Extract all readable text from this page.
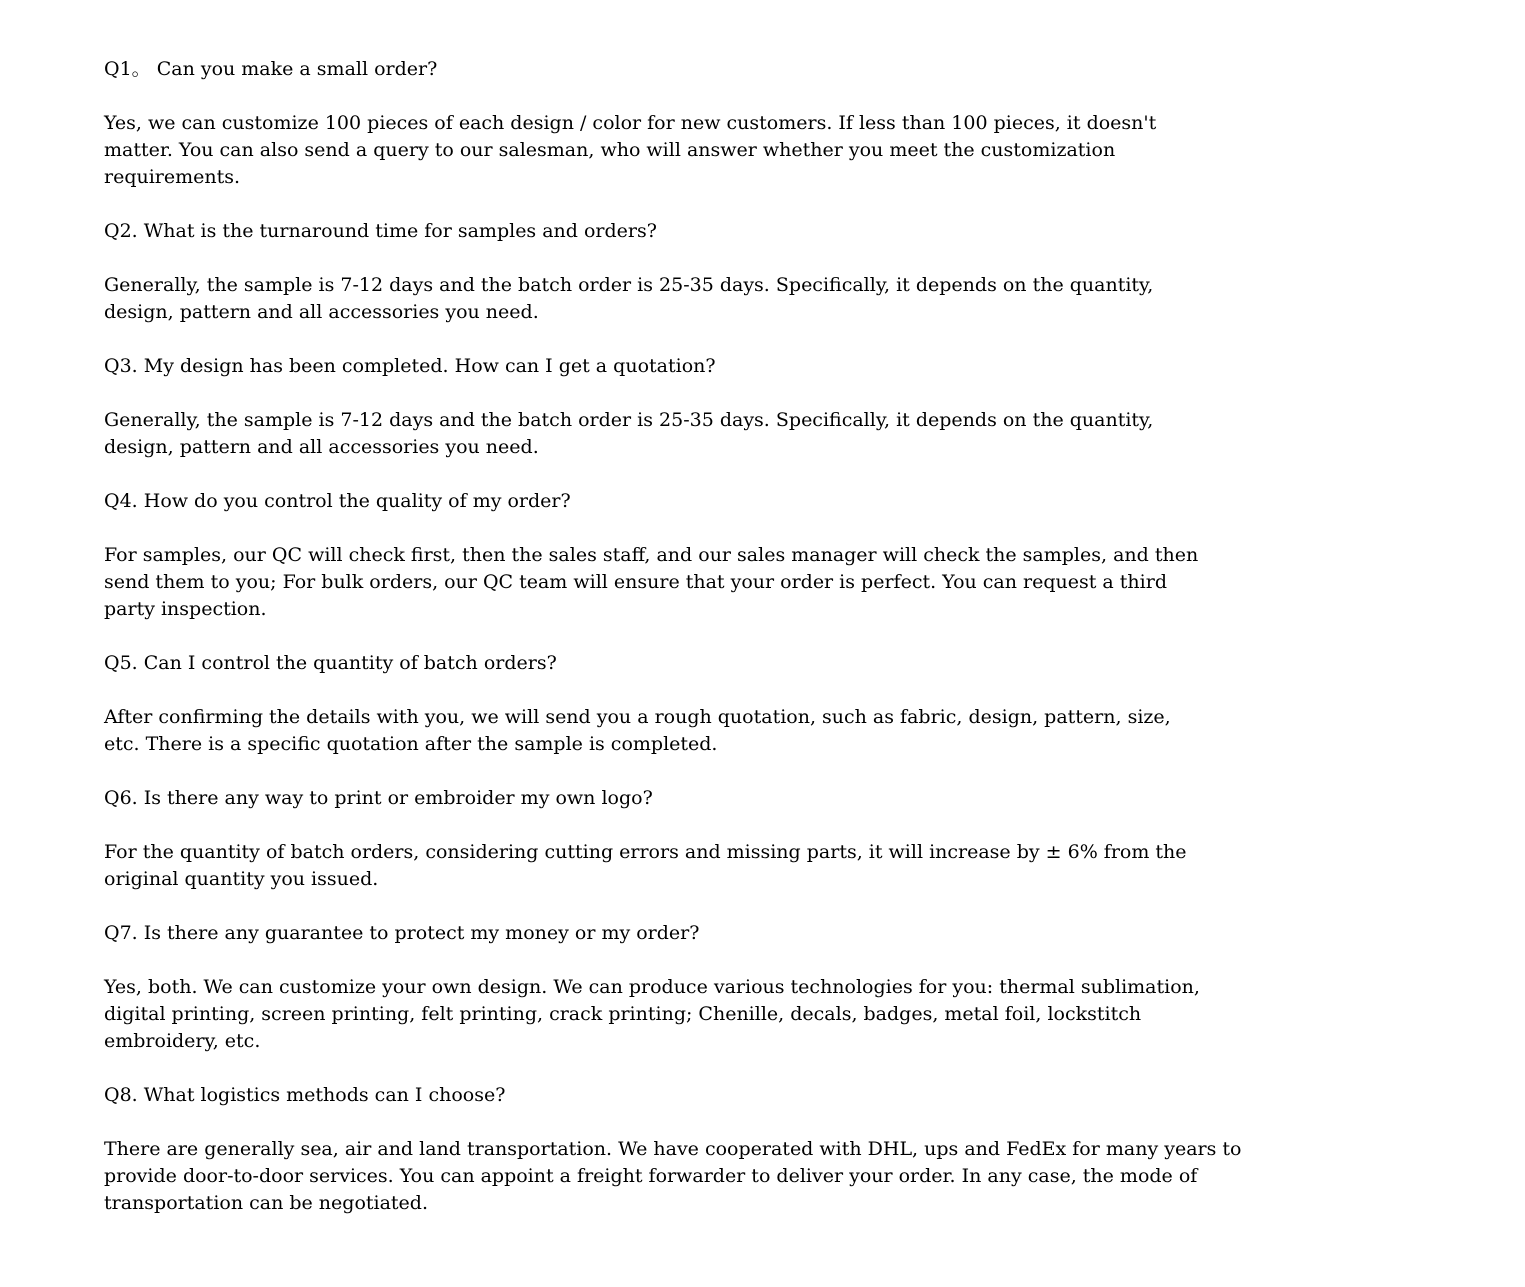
Q1。 Can you make a small order?

Yes, we can customize 100 pieces of each design / color for new customers. If less than 100 pieces, it doesn't
matter. You can also send a query to our salesman, who will answer whether you meet the customization
requirements.

Q2. What is the turnaround time for samples and orders?

Generally, the sample is 7-12 days and the batch order is 25-35 days. Specifically, it depends on the quantity,
design, pattern and all accessories you need.

Q3. My design has been completed. How can I get a quotation?

Generally, the sample is 7-12 days and the batch order is 25-35 days. Specifically, it depends on the quantity,
design, pattern and all accessories you need.

Q4. How do you control the quality of my order?

For samples, our QC will check first, then the sales staff, and our sales manager will check the samples, and then
send them to you; For bulk orders, our QC team will ensure that your order is perfect. You can request a third
party inspection.

Q5. Can I control the quantity of batch orders?

After confirming the details with you, we will send you a rough quotation, such as fabric, design, pattern, size,
etc. There is a specific quotation after the sample is completed.

Q6. Is there any way to print or embroider my own logo?

For the quantity of batch orders, considering cutting errors and missing parts, it will increase by ± 6% from the
original quantity you issued.

Q7. Is there any guarantee to protect my money or my order?

Yes, both. We can customize your own design. We can produce various technologies for you: thermal sublimation,
digital printing, screen printing, felt printing, crack printing; Chenille, decals, badges, metal foil, lockstitch
embroidery, etc.

Q8. What logistics methods can I choose?

There are generally sea, air and land transportation. We have cooperated with DHL, ups and FedEx for many years to
provide door-to-door services. You can appoint a freight forwarder to deliver your order. In any case, the mode of
transportation can be negotiated.
